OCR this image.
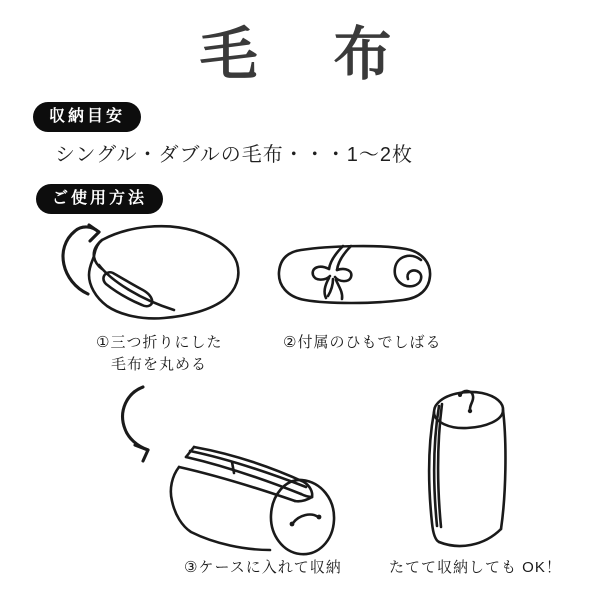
毛　布
収納目安
シングル・ダブルの毛布・・・1～2枚
ご使用方法
①三つ折りにした
毛布を丸める
②付属のひもでしばる
③ケースに入れて収納	たてて収納しても OK！
